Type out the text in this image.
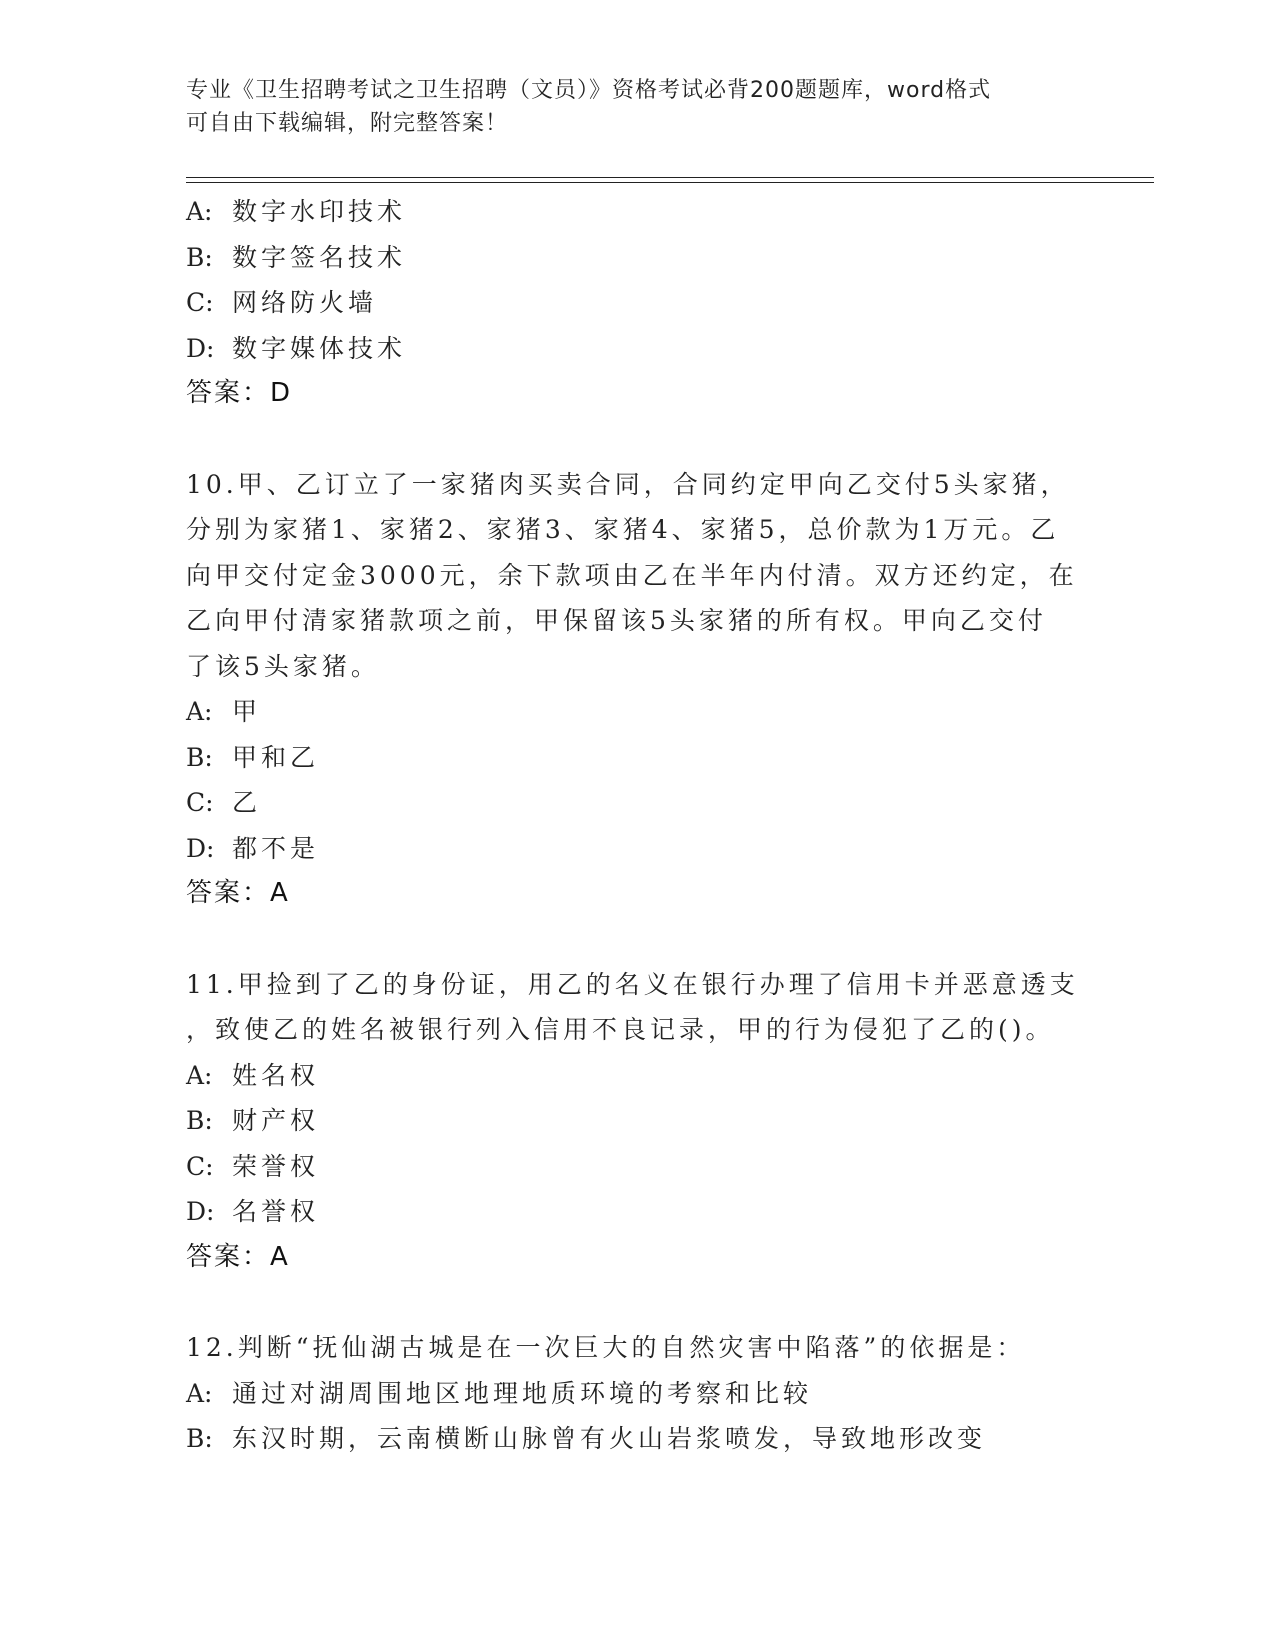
专业《卫生招聘考试之卫生招聘（文员）》资格考试必背200题题库，word格式
可自由下载编辑，附完整答案！
A: 数字水印技术
B: 数字签名技术
C: 网络防火墙
D: 数字媒体技术
答案：D
10.甲、乙订立了一家猪肉买卖合同，合同约定甲向乙交付5头家猪，
分别为家猪1、家猪2、家猪3、家猪4、家猪5，总价款为1万元。乙
向甲交付定金3000元，余下款项由乙在半年内付清。双方还约定，在
乙向甲付清家猪款项之前，甲保留该5头家猪的所有权。甲向乙交付
了该5头家猪。
A: 甲
B: 甲和乙
C: 乙
D: 都不是
答案：A
11.甲捡到了乙的身份证，用乙的名义在银行办理了信用卡并恶意透支
，致使乙的姓名被银行列入信用不良记录，甲的行为侵犯了乙的()。
A: 姓名权
B: 财产权
C: 荣誉权
D: 名誉权
答案：A
12.判断“抚仙湖古城是在一次巨大的自然灾害中陷落”的依据是：
A: 通过对湖周围地区地理地质环境的考察和比较
B: 东汉时期，云南横断山脉曾有火山岩浆喷发，导致地形改变
